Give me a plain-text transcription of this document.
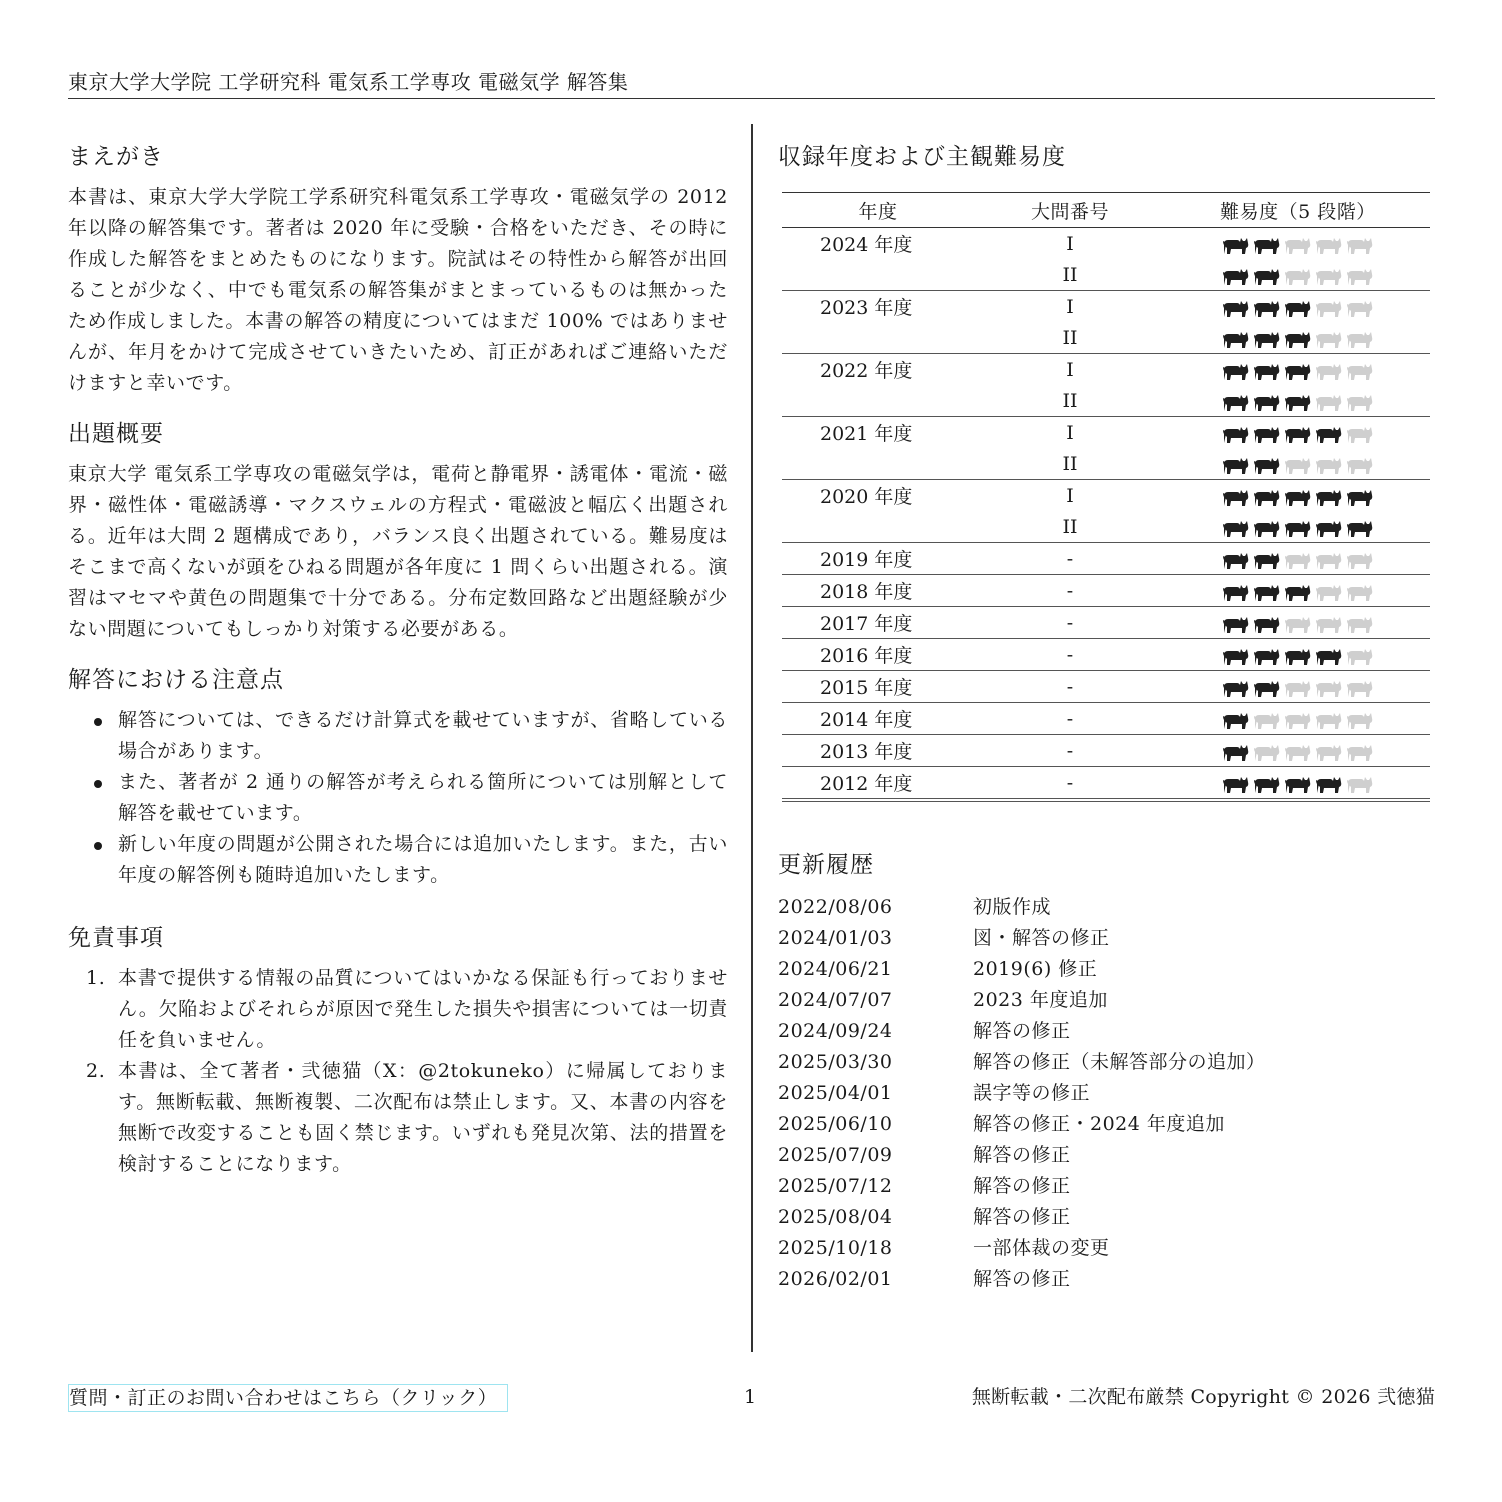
東京大学大学院 工学研究科 電気系工学専攻 電磁気学 解答集
まえがき

本書は、東京大学大学院工学系研究科電気系工学専攻・電磁気学の 2012 年以降の解答集です。著者は 2020 年に受験・合格をいただき、その時に作成した解答をまとめたものになります。院試はその特性から解答が出回ることが少なく、中でも電気系の解答集がまとまっているものは無かったため作成しました。本書の解答の精度についてはまだ 100% ではありませんが、年月をかけて完成させていきたいため、訂正があればご連絡いただけますと幸いです。

出題概要

東京大学 電気系工学専攻の電磁気学は，電荷と静電界・誘電体・電流・磁界・磁性体・電磁誘導・マクスウェルの方程式・電磁波と幅広く出題される。近年は大問 2 題構成であり，バランス良く出題されている。難易度はそこまで高くないが頭をひねる問題が各年度に 1 問くらい出題される。演習はマセマや黄色の問題集で十分である。分布定数回路など出題経験が少ない問題についてもしっかり対策する必要がある。

解答における注意点
解答については、できるだけ計算式を載せていますが、省略している場合があります。
また、著者が 2 通りの解答が考えられる箇所については別解として解答を載せています。
新しい年度の問題が公開された場合には追加いたします。また，古い年度の解答例も随時追加いたします。
免責事項
1. 本書で提供する情報の品質についてはいかなる保証も行っておりません。欠陥およびそれらが原因で発生した損失や損害については一切責任を負いません。
2. 本書は、全て著者・弐徳猫（X：@2tokuneko）に帰属しております。無断転載、無断複製、二次配布は禁止します。又、本書の内容を無断で改変することも固く禁じます。いずれも発見次第、法的措置を検討することになります。
収録年度および主観難易度
年度	大問番号	難易度（5 段階）
2024 年度	I	

	II	

2023 年度	I	

	II	

2022 年度	I	

	II	

2021 年度	I	

	II	

2020 年度	I	

	II	

2019 年度	-	

2018 年度	-	

2017 年度	-	

2016 年度	-	

2015 年度	-	

2014 年度	-	

2013 年度	-	

2012 年度	-	
更新履歴
2022/08/06	初版作成
2024/01/03	図・解答の修正
2024/06/21	2019(6) 修正
2024/07/07	2023 年度追加
2024/09/24	解答の修正
2025/03/30	解答の修正（未解答部分の追加）
2025/04/01	誤字等の修正
2025/06/10	解答の修正・2024 年度追加
2025/07/09	解答の修正
2025/07/12	解答の修正
2025/08/04	解答の修正
2025/10/18	一部体裁の変更
2026/02/01	解答の修正
質問・訂正のお問い合わせはこちら（クリック）	1	無断転載・二次配布厳禁 Copyright © 2026 弐徳猫
